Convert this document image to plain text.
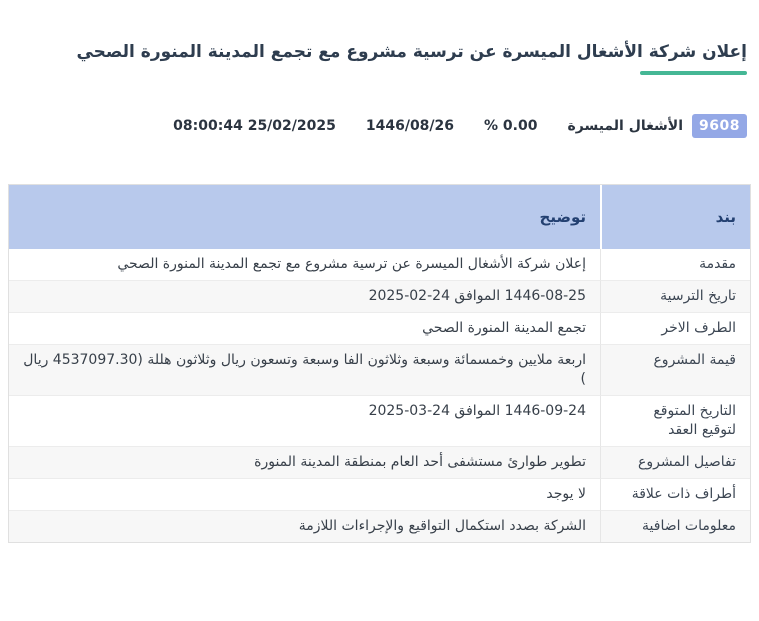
إعلان شركة الأشغال الميسرة عن ترسية مشروع مع تجمع المدينة المنورة الصحي
9608
الأشغال الميسرة
0.00 %
1446/08/26
25/02/2025 08:00:44
بند	توضيح
مقدمة	إعلان شركة الأشغال الميسرة عن ترسية مشروع مع تجمع المدينة المنورة الصحي
تاريخ الترسية	1446-08-25 الموافق 24-02-2025
الطرف الاخر	تجمع المدينة المنورة الصحي
قيمة المشروع	اربعة ملايين وخمسمائة وسبعة وثلاثون الفا وسبعة وتسعون ريال وثلاثون هللة (4537097.30 ريال )
التاريخ المتوقع لتوقيع العقد	1446-09-24 الموافق 24-03-2025
تفاصيل المشروع	تطوير طوارئ مستشفى أحد العام بمنطقة المدينة المنورة
أطراف ذات علاقة	لا يوجد
معلومات اضافية	الشركة بصدد استكمال التواقيع والإجراءات اللازمة
